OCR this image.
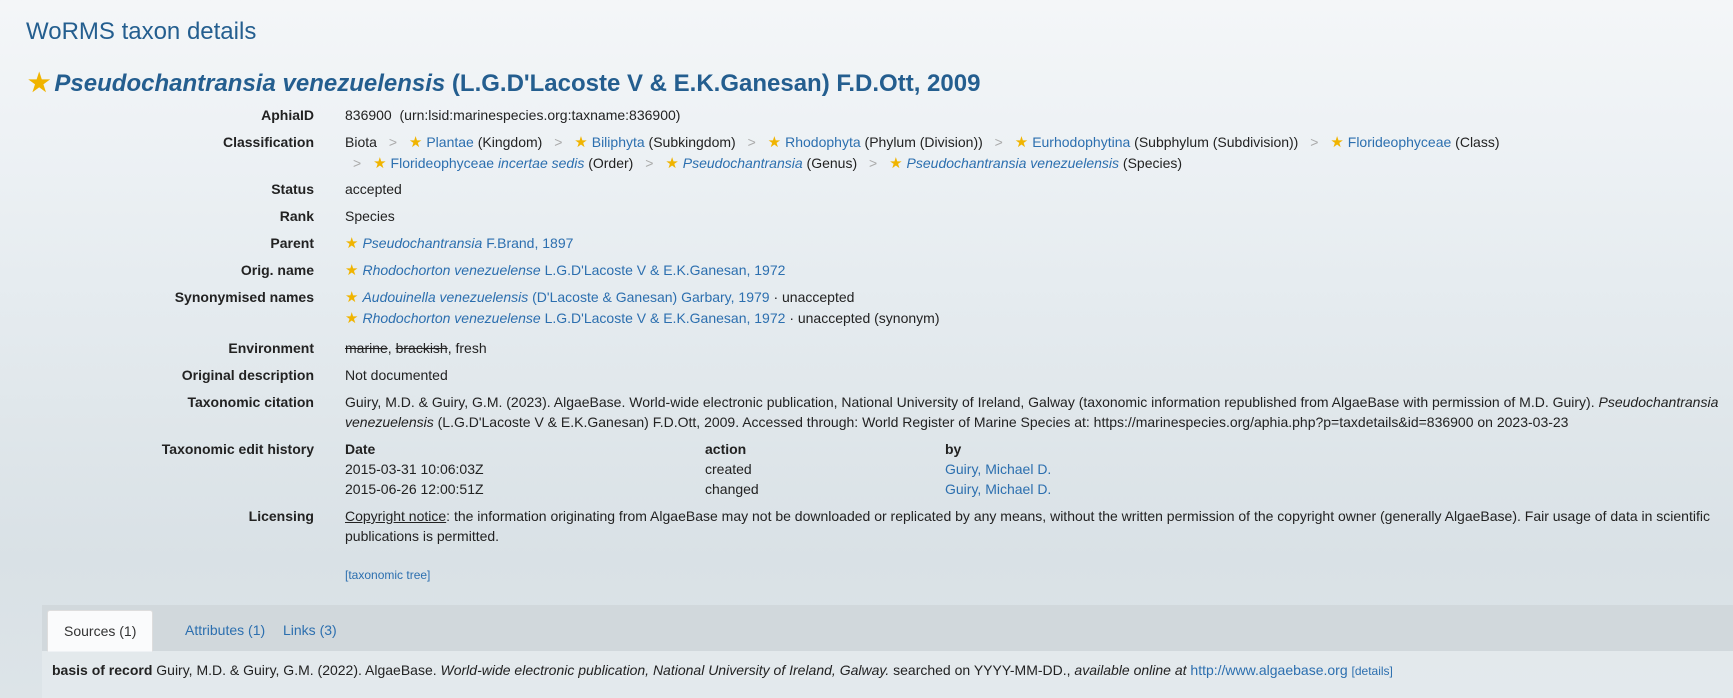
WoRMS taxon details
★ Pseudochantransia venezuelensis (L.G.D'Lacoste V & E.K.Ganesan) F.D.Ott, 2009
AphiaID 836900 (urn:lsid:marinespecies.org:taxname:836900)
Classification Biota > ★ Plantae (Kingdom) > ★ Biliphyta (Subkingdom) > ★ Rhodophyta (Phylum (Division)) > ★ Eurhodophytina (Subphylum (Subdivision)) > ★ Florideophyceae (Class)
> ★ Florideophyceae incertae sedis (Order) > ★ Pseudochantransia (Genus) > ★ Pseudochantransia venezuelensis (Species)
Status accepted
Rank Species
Parent ★ Pseudochantransia F.Brand, 1897
Orig. name ★ Rhodochorton venezuelense L.G.D'Lacoste V & E.K.Ganesan, 1972
Synonymised names ★ Audouinella venezuelensis (D'Lacoste & Ganesan) Garbary, 1979 · unaccepted
★ Rhodochorton venezuelense L.G.D'Lacoste V & E.K.Ganesan, 1972 · unaccepted (synonym)
Environment marine, brackish, fresh
Original description Not documented
Taxonomic citation Guiry, M.D. & Guiry, G.M. (2023). AlgaeBase. World-wide electronic publication, National University of Ireland, Galway (taxonomic information republished from AlgaeBase with permission of M.D. Guiry). Pseudochantransia venezuelensis (L.G.D'Lacoste V & E.K.Ganesan) F.D.Ott, 2009. Accessed through: World Register of Marine Species at: https://marinespecies.org/aphia.php?p=taxdetails&id=836900 on 2023-03-23
Taxonomic edit history Date	action	by
2015-03-31 10:06:03Z	created	Guiry, Michael D.
2015-06-26 12:00:51Z	changed	Guiry, Michael D.
Licensing Copyright notice: the information originating from AlgaeBase may not be downloaded or replicated by any means, without the written permission of the copyright owner (generally AlgaeBase). Fair usage of data in scientific publications is permitted.
[taxonomic tree]
Sources (1)	Attributes (1)	Links (3)
basis of record Guiry, M.D. & Guiry, G.M. (2022). AlgaeBase. World-wide electronic publication, National University of Ireland, Galway. searched on YYYY-MM-DD., available online at http://www.algaebase.org [details]
